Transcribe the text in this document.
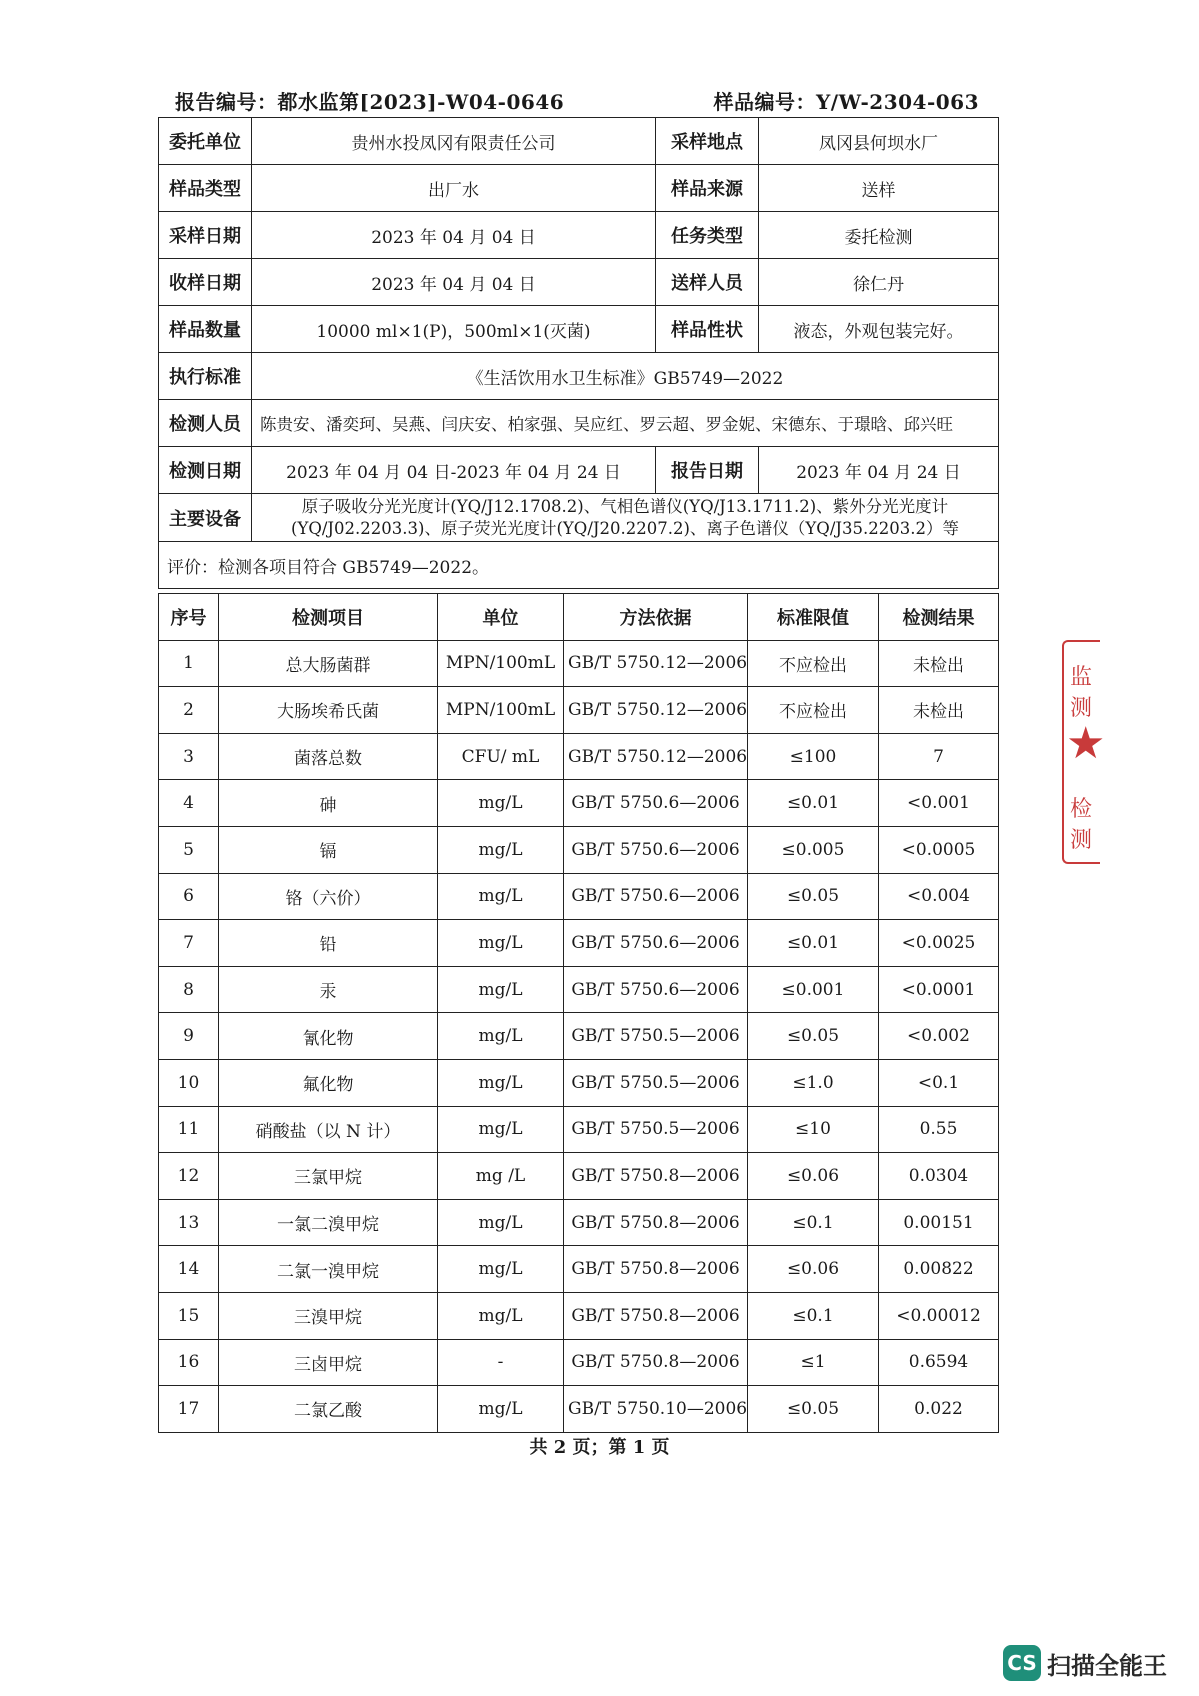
报告编号：都水监第[2023]-W04-0646	样品编号：Y/W-2304-063
委托单位	贵州水投凤冈有限责任公司	采样地点	凤冈县何坝水厂
样品类型	出厂水	样品来源	送样
采样日期	2023 年 04 月 04 日	任务类型	委托检测
收样日期	2023 年 04 月 04 日	送样人员	徐仁丹
样品数量	10000 ml×1(P)，500ml×1(灭菌)	样品性状	液态，外观包装完好。
执行标准	《生活饮用水卫生标准》GB5749—2022		
检测人员	陈贵安、潘奕珂、吴燕、闫庆安、柏家强、吴应红、罗云超、罗金妮、宋德东、于璟晗、邱兴旺		
检测日期	2023 年 04 月 04 日-2023 年 04 月 24 日	报告日期	2023 年 04 月 24 日
主要设备	原子吸收分光光度计(YQ/J12.1708.2)、气相色谱仪(YQ/J13.1711.2)、紫外分光光度计
(YQ/J02.2203.3)、原子荧光光度计(YQ/J20.2207.2)、离子色谱仪（YQ/J35.2203.2）等		

评价：检测各项目符合 GB5749—2022。			
序号	检测项目	单位	方法依据	标准限值	检测结果
1	总大肠菌群	MPN/100mL	GB/T 5750.12—2006	不应检出	未检出
2	大肠埃希氏菌	MPN/100mL	GB/T 5750.12—2006	不应检出	未检出
3	菌落总数	CFU/ mL	GB/T 5750.12—2006	≤100	7
4	砷	mg/L	GB/T 5750.6—2006	≤0.01	<0.001
5	镉	mg/L	GB/T 5750.6—2006	≤0.005	<0.0005
6	铬（六价）	mg/L	GB/T 5750.6—2006	≤0.05	<0.004
7	铅	mg/L	GB/T 5750.6—2006	≤0.01	<0.0025
8	汞	mg/L	GB/T 5750.6—2006	≤0.001	<0.0001
9	氰化物	mg/L	GB/T 5750.5—2006	≤0.05	<0.002
10	氟化物	mg/L	GB/T 5750.5—2006	≤1.0	<0.1
11	硝酸盐（以 N 计）	mg/L	GB/T 5750.5—2006	≤10	0.55
12	三氯甲烷	mg /L	GB/T 5750.8—2006	≤0.06	0.0304
13	一氯二溴甲烷	mg/L	GB/T 5750.8—2006	≤0.1	0.00151
14	二氯一溴甲烷	mg/L	GB/T 5750.8—2006	≤0.06	0.00822
15	三溴甲烷	mg/L	GB/T 5750.8—2006	≤0.1	<0.00012
16	三卤甲烷	-	GB/T 5750.8—2006	≤1	0.6594
17	二氯乙酸	mg/L	GB/T 5750.10—2006	≤0.05	0.022
共 2 页；第 1 页
监测
★
检测
CS 扫描全能王
